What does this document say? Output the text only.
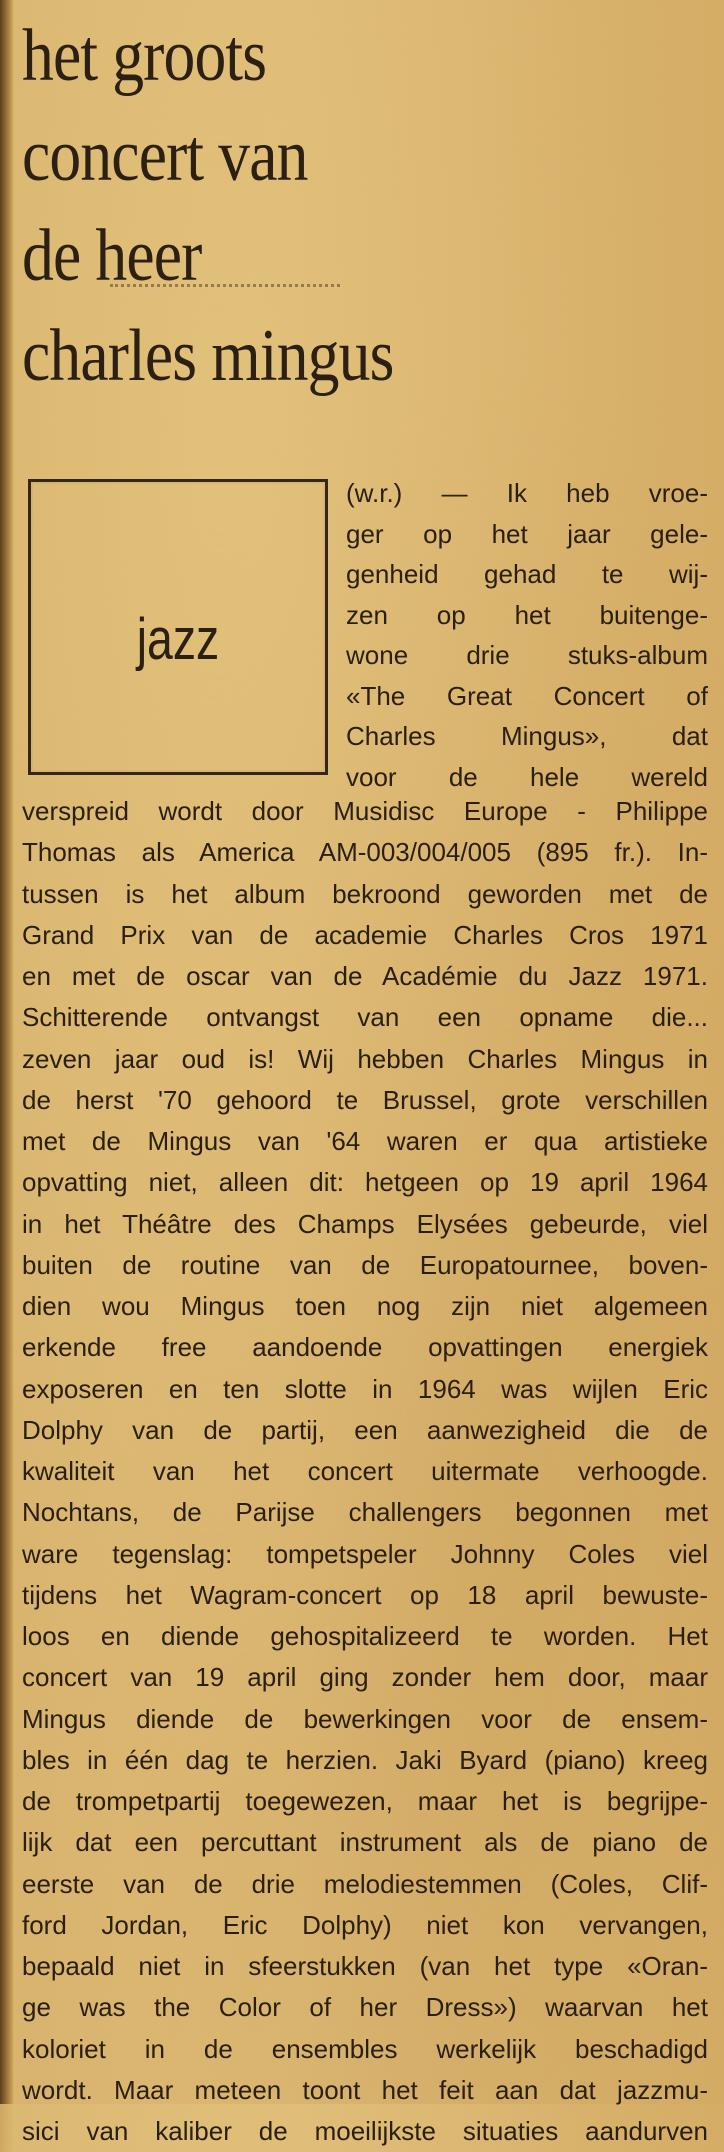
het groots
concert van
de heer
charles mingus
jazz
(w.r.) — Ik heb vroe-
ger op het jaar gele-
genheid gehad te wij-
zen op het buitenge-
wone drie stuks-album
«The Great Concert of
Charles Mingus», dat
voor de hele wereld
verspreid wordt door Musidisc Europe - Philippe
Thomas als America AM-003/004/005 (895 fr.). In-
tussen is het album bekroond geworden met de
Grand Prix van de academie Charles Cros 1971
en met de oscar van de Académie du Jazz 1971.
Schitterende ontvangst van een opname die...
zeven jaar oud is! Wij hebben Charles Mingus in
de herst '70 gehoord te Brussel, grote verschillen
met de Mingus van '64 waren er qua artistieke
opvatting niet, alleen dit: hetgeen op 19 april 1964
in het Théâtre des Champs Elysées gebeurde, viel
buiten de routine van de Europatournee, boven-
dien wou Mingus toen nog zijn niet algemeen
erkende free aandoende opvattingen energiek
exposeren en ten slotte in 1964 was wijlen Eric
Dolphy van de partij, een aanwezigheid die de
kwaliteit van het concert uitermate verhoogde.
Nochtans, de Parijse challengers begonnen met
ware tegenslag: tompetspeler Johnny Coles viel
tijdens het Wagram-concert op 18 april bewuste-
loos en diende gehospitalizeerd te worden. Het
concert van 19 april ging zonder hem door, maar
Mingus diende de bewerkingen voor de ensem-
bles in één dag te herzien. Jaki Byard (piano) kreeg
de trompetpartij toegewezen, maar het is begrijpe-
lijk dat een percuttant instrument als de piano de
eerste van de drie melodiestemmen (Coles, Clif-
ford Jordan, Eric Dolphy) niet kon vervangen,
bepaald niet in sfeerstukken (van het type «Oran-
ge was the Color of her Dress») waarvan het
koloriet in de ensembles werkelijk beschadigd
wordt. Maar meteen toont het feit aan dat jazzmu-
sici van kaliber de moeilijkste situaties aandurven
